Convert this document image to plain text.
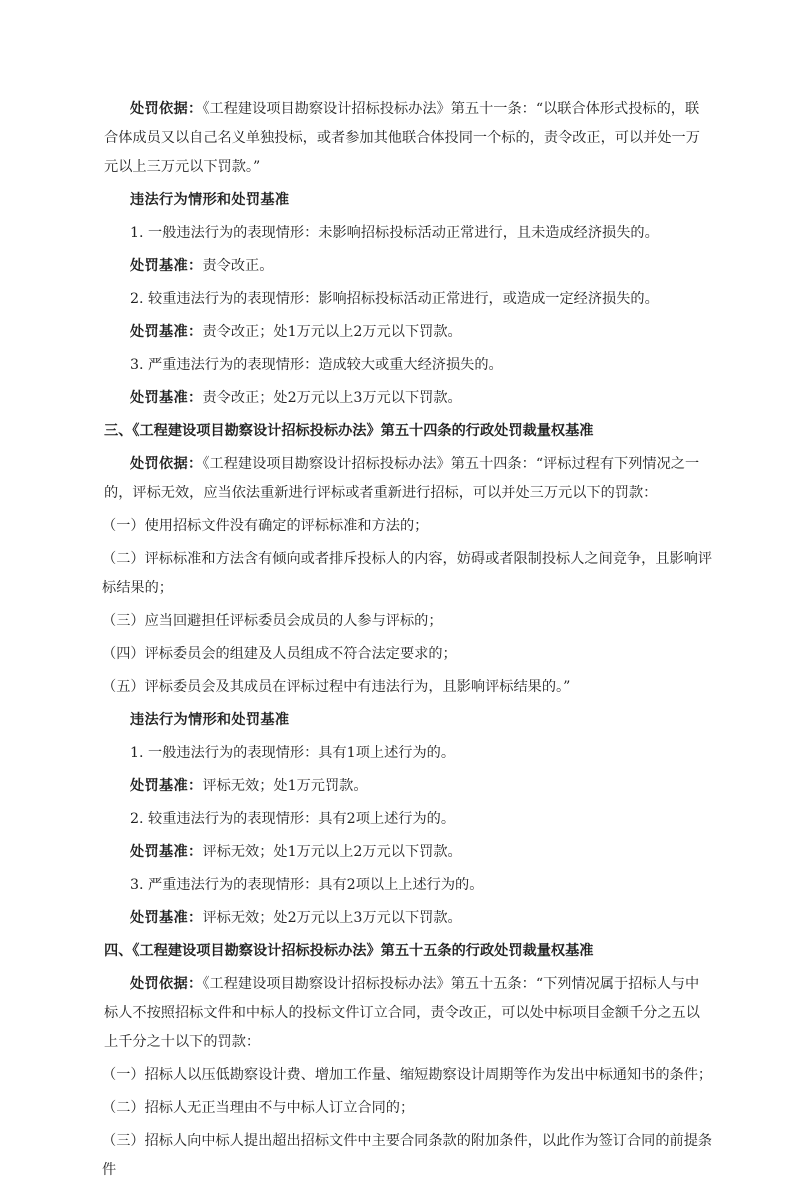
处罚依据：《工程建设项目勘察设计招标投标办法》第五十一条：“以联合体形式投标的，联合体成员又以自己名义单独投标，或者参加其他联合体投同一个标的，责令改正，可以并处一万元以上三万元以下罚款。”

违法行为情形和处罚基准

1. 一般违法行为的表现情形：未影响招标投标活动正常进行，且未造成经济损失的。

处罚基准：责令改正。

2. 较重违法行为的表现情形：影响招标投标活动正常进行，或造成一定经济损失的。

处罚基准：责令改正；处1万元以上2万元以下罚款。

3. 严重违法行为的表现情形：造成较大或重大经济损失的。

处罚基准：责令改正；处2万元以上3万元以下罚款。

三、《工程建设项目勘察设计招标投标办法》第五十四条的行政处罚裁量权基准

处罚依据：《工程建设项目勘察设计招标投标办法》第五十四条：“评标过程有下列情况之一的，评标无效，应当依法重新进行评标或者重新进行招标，可以并处三万元以下的罚款：

（一）使用招标文件没有确定的评标标准和方法的；

（二）评标标准和方法含有倾向或者排斥投标人的内容，妨碍或者限制投标人之间竞争，且影响评标结果的；

（三）应当回避担任评标委员会成员的人参与评标的；

（四）评标委员会的组建及人员组成不符合法定要求的；

（五）评标委员会及其成员在评标过程中有违法行为，且影响评标结果的。”

违法行为情形和处罚基准

1. 一般违法行为的表现情形：具有1项上述行为的。

处罚基准：评标无效；处1万元罚款。

2. 较重违法行为的表现情形：具有2项上述行为的。

处罚基准：评标无效；处1万元以上2万元以下罚款。

3. 严重违法行为的表现情形：具有2项以上上述行为的。

处罚基准：评标无效；处2万元以上3万元以下罚款。

四、《工程建设项目勘察设计招标投标办法》第五十五条的行政处罚裁量权基准

处罚依据：《工程建设项目勘察设计招标投标办法》第五十五条：“下列情况属于招标人与中标人不按照招标文件和中标人的投标文件订立合同，责令改正，可以处中标项目金额千分之五以上千分之十以下的罚款：

（一）招标人以压低勘察设计费、增加工作量、缩短勘察设计周期等作为发出中标通知书的条件；

（二）招标人无正当理由不与中标人订立合同的；

（三）招标人向中标人提出超出招标文件中主要合同条款的附加条件，以此作为签订合同的前提条件
